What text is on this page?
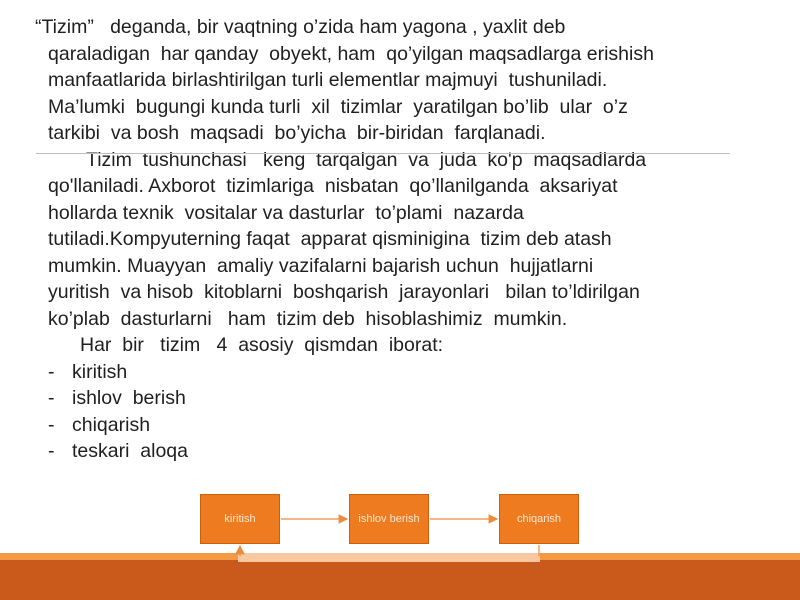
“Tizim”   deganda, bir vaqtning o’zida ham yagona , yaxlit deb
qaraladigan  har qanday  obyekt, ham  qo’yilgan maqsadlarga erishish
manfaatlarida birlashtirilgan turli elementlar majmuyi  tushuniladi.
Ma’lumki  bugungi kunda turli  xil  tizimlar  yaratilgan bo’lib  ular  o’z
tarkibi  va bosh  maqsadi  bo’yicha  bir-biridan  farqlanadi.
Tizim  tushunchasi   keng  tarqalgan  va  juda  ko'p  maqsadlarda
qo'llaniladi. Axborot  tizimlariga  nisbatan  qo’llanilganda  aksariyat
hollarda texnik  vositalar va dasturlar  to’plami  nazarda
tutiladi.Kompyuterning faqat  apparat qisminigina  tizim deb atash
mumkin. Muayyan  amaliy vazifalarni bajarish uchun  hujjatlarni
yuritish  va hisob  kitoblarni  boshqarish  jarayonlari   bilan to’ldirilgan
ko’plab  dasturlarni   ham  tizim deb  hisoblashimiz  mumkin.
Har  bir   tizim   4  asosiy  qismdan  iborat:
- kiritish
- ishlov  berish
- chiqarish
- teskari  aloqa
kiritish	ishlov berish	chiqarish
